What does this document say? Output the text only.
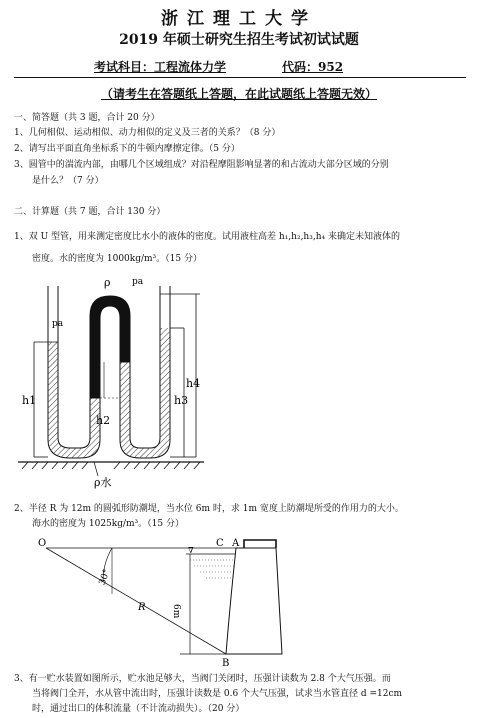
浙江理工大学
2019 年硕士研究生招生考试初试试题
考试科目：工程流体力学	代码：952
（请考生在答题纸上答题，在此试题纸上答题无效）
一、简答题（共 3 题，合计 20 分）
1、几何相似、运动相似、动力相似的定义及三者的关系？（8 分）
2、请写出平面直角坐标系下的牛顿内摩擦定律。（5 分）
3、圆管中的湍流内部，由哪几个区域组成？对沿程摩阻影响显著的和占流动大部分区域的分别
是什么？（7 分）
二、计算题（共 7 题，合计 130 分）
1、双 U 型管，用来测定密度比水小的液体的密度。试用液柱高差 h₁,h₂,h₃,h₄ 来确定未知液体的
密度。水的密度为 1000kg/m³。（15 分）
ρ
pa
pa
h1
h2
h3
h4
ρ水
2、半径 R 为 12m 的圆弧形防潮堤，当水位 6m 时，求 1m 宽度上防潮堤所受的作用力的大小。
海水的密度为 1025kg/m³。（15 分）
O	C A
B
30°
R	6m
∇
3、有一贮水装置如图所示，贮水池足够大，当阀门关闭时，压强计读数为 2.8 个大气压强。而
当将阀门全开，水从管中流出时，压强计读数是 0.6 个大气压强，试求当水管直径 d =12cm
时，通过出口的体积流量（不计流动损失）。（20 分）
